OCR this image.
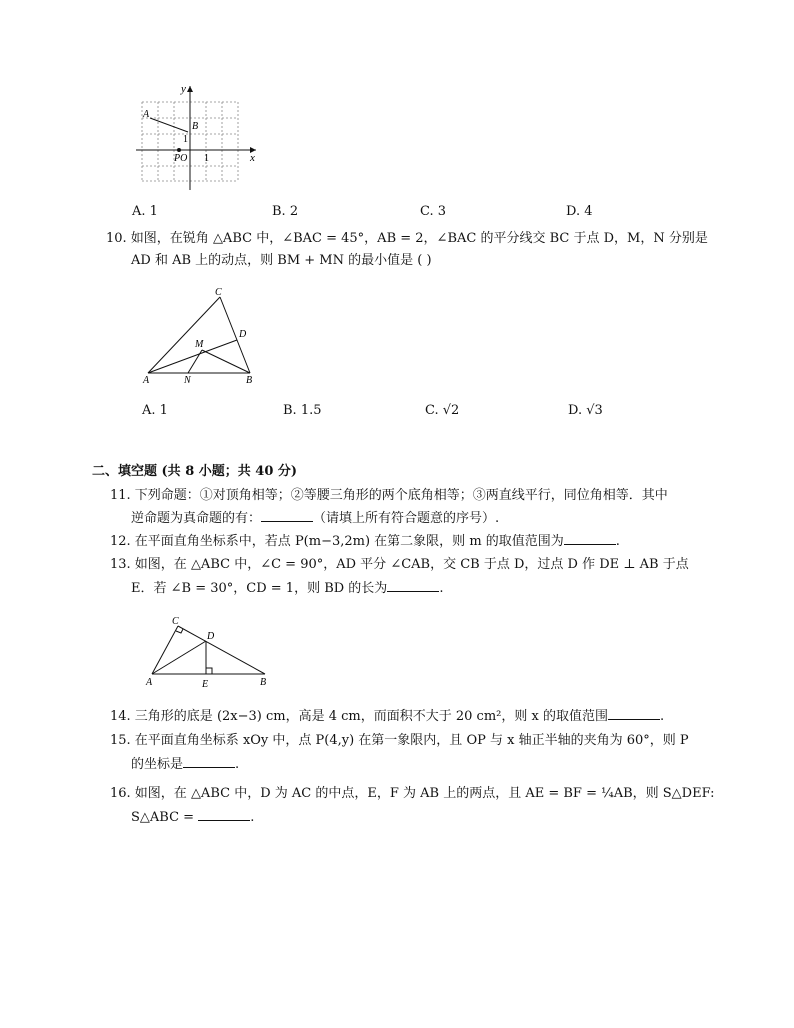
x
y
A
B
1
PO 1
A. 1	B. 2	C. 3	D. 4
10. 如图，在锐角 △ABC 中，∠BAC = 45°，AB = 2，∠BAC 的平分线交 BC 于点 D，M，N 分别是
AD 和 AB 上的动点，则 BM + MN 的最小值是 ( )
C
D
M
A	N	B
A. 1	B. 1.5	C. √2	D. √3
二、填空题 (共 8 小题；共 40 分)
11. 下列命题：①对顶角相等；②等腰三角形的两个底角相等；③两直线平行，同位角相等．其中
逆命题为真命题的有：	（请填上所有符合题意的序号）.
12. 在平面直角坐标系中，若点 P(m−3,2m) 在第二象限，则 m 的取值范围为	.
13. 如图，在 △ABC 中，∠C = 90°，AD 平分 ∠CAB，交 CB 于点 D，过点 D 作 DE ⊥ AB 于点
E．若 ∠B = 30°，CD = 1，则 BD 的长为	.
C
D
A	E	B
14. 三角形的底是 (2x−3) cm，高是 4 cm，而面积不大于 20 cm²，则 x 的取值范围	.
15. 在平面直角坐标系 xOy 中，点 P(4,y) 在第一象限内，且 OP 与 x 轴正半轴的夹角为 60°，则 P
的坐标是	.
16. 如图，在 △ABC 中，D 为 AC 的中点，E，F 为 AB 上的两点，且 AE = BF = ¼AB，则 S△DEF:
S△ABC =	.
